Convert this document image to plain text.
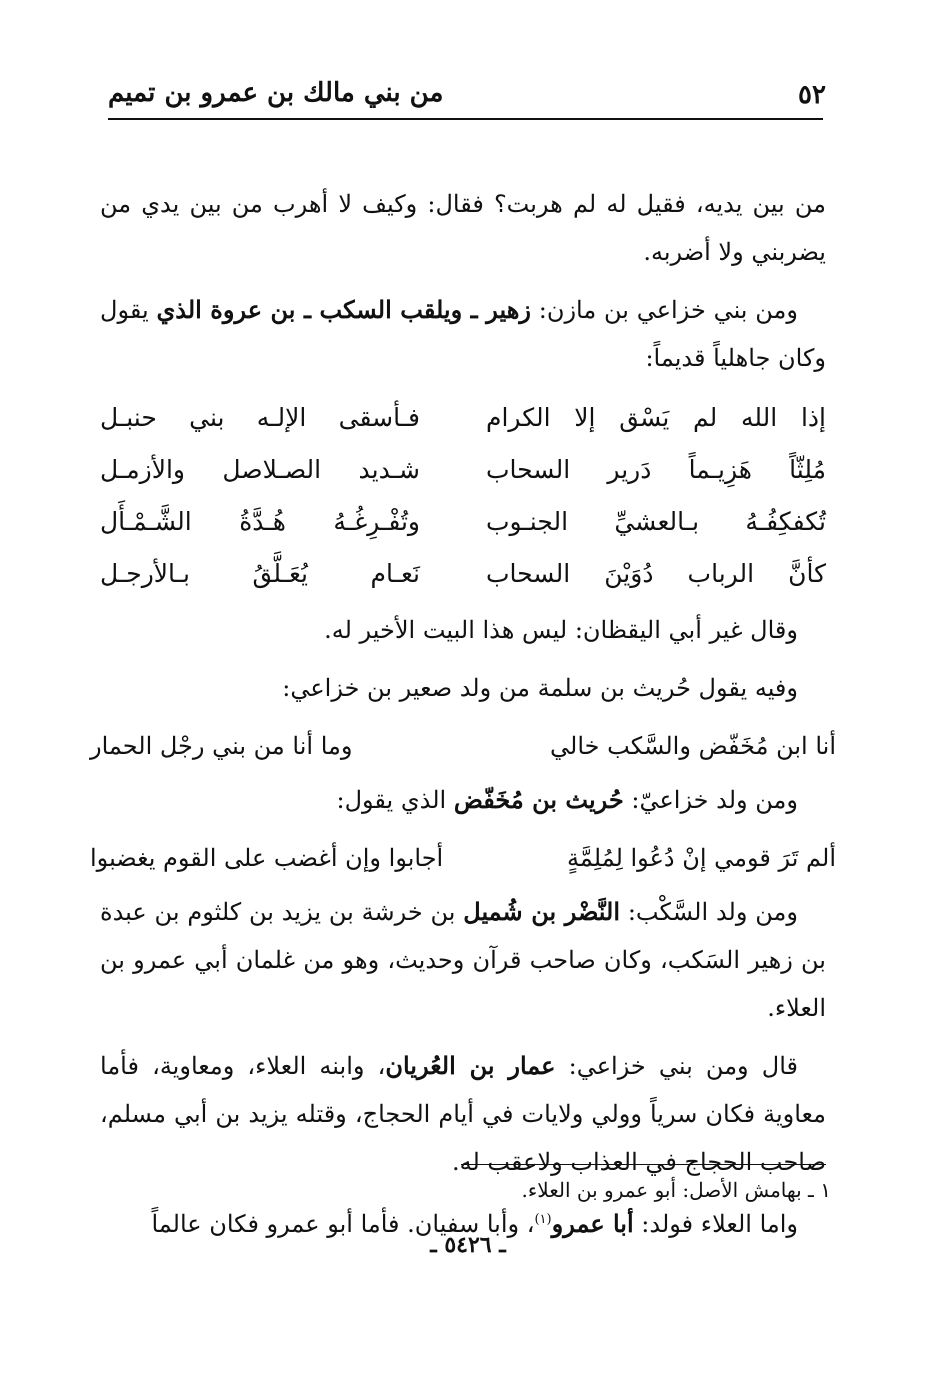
٥٢
من بني مالك بن عمرو بن تميم

من بين يديه، فقيل له لم هربت؟ فقال: وكيف لا أهرب من بين يدي من يضربني ولا أضربه.

ومن بني خزاعي بن مازن: زهير ـ ويلقب السكب ـ بن عروة الذي يقول وكان جاهلياً قديماً:

إذا الله لم يَسْق إلا الكرام
فـأسقى الإلـه بني حنبـل
مُلِثّاً هَزِيـماً دَرير السحاب
شـديد الصـلاصل والأزمـل
تُكفكِفُـهُ بـالعشيِّ الجنـوب
وتُفْـرِغُـهُ هُـدَّةُ الشَّـمْـأَل
كأنَّ الرباب دُوَيْنَ السحاب
نَعـام يُعَـلَّقُ بـالأرجـل

وقال غير أبي اليقظان: ليس هذا البيت الأخير له.

وفيه يقول حُريث بن سلمة من ولد صعير بن خزاعي:

أنا ابن مُخَفّض والسَّكب خالي
وما أنا من بني رجْل الحمار

ومن ولد خزاعيّ: حُريث بن مُخَفّض الذي يقول:

ألم تَرَ قومي إنْ دُعُوا لِمُلِمَّةٍ
أجابوا وإن أغضب على القوم يغضبوا

ومن ولد السَّكْب: النَّضْر بن شُميل بن خرشة بن يزيد بن كلثوم بن عبدة بن زهير السَكب، وكان صاحب قرآن وحديث، وهو من غلمان أبي عمرو بن العلاء.

قال ومن بني خزاعي: عمار بن العُريان، وابنه العلاء، ومعاوية، فأما معاوية فكان سرياً وولي ولايات في أيام الحجاج، وقتله يزيد بن أبي مسلم، صاحب الحجاج في العذاب ولاعقب له.

واما العلاء فولد: أبا عمرو$^{(١)}$، وأبا سفيان. فأما أبو عمرو فكان عالماً

١ ـ بهامش الأصل: أبو عمرو بن العلاء.
ـ ٥٤٢٦ ـ
